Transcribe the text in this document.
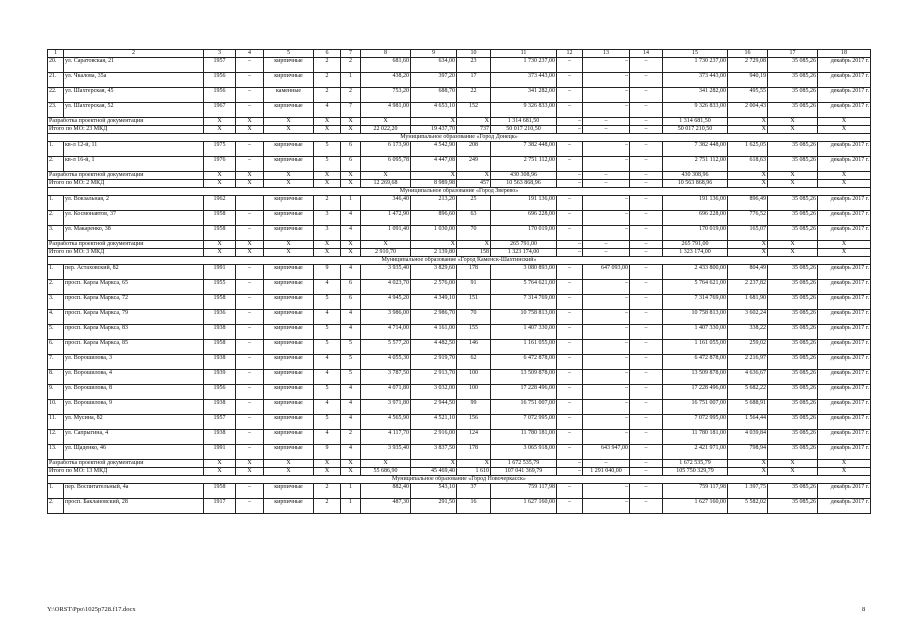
1	2	3	4	5	6	7	8	9	10	11	12	13	14	15	16	17	18
20.	ул. Саратовская, 21	1957	–	кирпичные	2	2	681,60	634,00	23	1 730 237,00	–	–	–	1 730 237,00	2 729,08	35 085,26	декабрь 2017 г.
21.	ул. Чкалова, 35а	1956	–	кирпичные	2	1	438,20	397,20	17	373 443,00	–	–	–	373 443,00	940,19	35 085,26	декабрь 2017 г.
22.	ул. Шахтерская, 45	1956	–	каменные	2	2	753,20	688,70	22	341 282,00	–	–	–	341 282,00	495,55	35 085,26	декабрь 2017 г.
23.	ул. Шахтерская, 52	1967	–	кирпичные	4	7	4 981,00	4 653,10	152	9 326 833,00	–	–	–	9 326 833,00	2 004,43	35 085,26	декабрь 2017 г.
Разработка проектной документации		X	X	X	X	X	X	X	X	1 314 681,50	–	–	–	1 314 681,50	X	X	X
Итого по МО: 23 МКД		X	X	X	X	X	22 022,20	19 437,70	737	50 017 210,50	–	–	–	50 017 210,50	X	X	X
Муниципальное образование «Город Донецк»																	
1.	кв-л 12-й, 11	1975	–	кирпичные	5	6	6 173,90	4 542,90	208	7 382 448,00	–	–	–	7 382 448,00	1 625,05	35 085,26	декабрь 2017 г.
2.	кв-л 16-й, 1	1976	–	кирпичные	5	6	6 095,78	4 447,08	249	2 751 112,00	–	–	–	2 751 112,00	618,63	35 085,26	декабрь 2017 г.
Разработка проектной документации		X	X	X	X	X	X	X	X	430 308,96	–	–	–	430 308,96	X	X	X
Итого по МО: 2 МКД		X	X	X	X	X	12 269,68	8 989,98	457	10 563 868,96	–	–	–	10 563 868,96	X	X	X
Муниципальное образование «Город Зверево»																	
1.	ул. Вокзальная, 2	1962		кирпичные	2	1	346,40	213,20	25	191 136,00	–	–	–	191 136,00	896,49	35 085,26	декабрь 2017 г.
2.	ул. Космонавтов, 37	1958	–	кирпичные	3	4	1 472,90	896,60	63	696 228,00	–	–	–	696 228,00	776,52	35 085,26	декабрь 2017 г.
3.	ул. Макаренко, 38	1958	–	кирпичные	3	4	1 091,40	1 030,00	70	170 019,00	–	–	–	170 019,00	165,07	35 085,26	декабрь 2017 г.
Разработка проектной документации		X	X	X	X	X	X	X	X	265 791,00	–	–	–	265 791,00	X	X	X
Итого по МО: 3 МКД		X	X	X	X	X	2 910,70	2 139,80	158	1 323 174,00	–	–	–	1 323 174,00	X	X	X
Муниципальное образование «Город Каменск-Шахтинский»																	
1.	пер. Астаховский, 82	1991	–	кирпичные	9	4	3 935,40	3 829,60	178	3 080 893,00	–	647 093,00	–	2 433 800,00	804,49	35 085,26	декабрь 2017 г.
2.	просп. Карла Маркса, 65	1955	–	кирпичные	4	6	4 023,70	2 576,00	91	5 764 621,00	–	–	–	5 764 621,00	2 237,82	35 085,26	декабрь 2017 г.
3.	просп. Карла Маркса, 72	1958	–	кирпичные	5	6	4 945,20	4 349,10	151	7 314 769,00	–	–	–	7 314 769,00	1 681,90	35 085,26	декабрь 2017 г.
4.	просп. Карла Маркса, 79	1936	–	кирпичные	4	4	3 986,00	2 986,70	70	10 758 813,00	–	–	–	10 758 813,00	3 602,24	35 085,26	декабрь 2017 г.
5.	просп. Карла Маркса, 83	1938	–	кирпичные	5	4	4 714,00	4 161,00	155	1 407 330,00	–	–	–	1 407 330,00	338,22	35 085,26	декабрь 2017 г.
6.	просп. Карла Маркса, 85	1958	–	кирпичные	5	5	5 577,20	4 482,50	146	1 161 055,00	–	–	–	1 161 055,00	259,02	35 085,26	декабрь 2017 г.
7.	ул. Ворошилова, 3	1938	–	кирпичные	4	5	4 055,30	2 919,70	62	6 472 878,00	–	–	–	6 472 878,00	2 216,97	35 085,26	декабрь 2017 г.
8.	ул. Ворошилова, 4	1939	–	кирпичные	4	5	3 787,50	2 913,70	100	13 509 878,00	–	–	–	13 509 878,00	4 636,67	35 085,26	декабрь 2017 г.
9.	ул. Ворошилова, 8	1956	–	кирпичные	5	4	4 071,80	3 032,00	100	17 228 496,00	–	–	–	17 228 496,00	5 682,22	35 085,26	декабрь 2017 г.
10.	ул. Ворошилова, 9	1938	–	кирпичные	4	4	3 971,80	2 944,50	99	16 751 007,00	–	–	–	16 751 007,00	5 688,91	35 085,26	декабрь 2017 г.
11.	ул. Мусина, 82	1957	–	кирпичные	5	4	4 565,90	4 521,10	156	7 072 995,00	–	–	–	7 072 995,00	1 564,44	35 085,26	декабрь 2017 г.
12.	ул. Сапрыгина, 4	1938	–	кирпичные	4	2	4 117,70	2 916,00	124	11 780 181,00	–	–	–	11 780 181,00	4 039,84	35 085,26	декабрь 2017 г.
13.	ул. Щаденко, 46	1991	–	кирпичные	9	4	3 935,40	3 837,50	178	3 065 918,00	–	643 947,00	–	2 421 971,00	798,94	35 085,26	декабрь 2017 г.
Разработка проектной документации		X	X	X	X	X	X	X	X	1 672 535,79	–	–	–	1 672 535,79	X	X	X
Итого по МО: 13 МКД		X	X	X	X	X	55 686,90	45 469,40	1 610	107 041 369,79	–	1 291 040,00	–	105 750 329,79	X	X	X
Муниципальное образование «Город Новочеркасск»																	
1.	пер. Воспитательный, 4а	1958	–	кирпичные	2	1	882,40	543,10	37	759 117,98	–	–	–	759 117,98	1 397,75	35 085,26	декабрь 2017 г.
2.	просп. Баклановский, 28	1917	–	кирпичные	2	1	487,30	291,50	16	1 627 160,00	–	–	–	1 627 160,00	5 582,02	35 085,26	декабрь 2017 г.
Y:\ORST\Ppo\1025p728.f17.docx	8
